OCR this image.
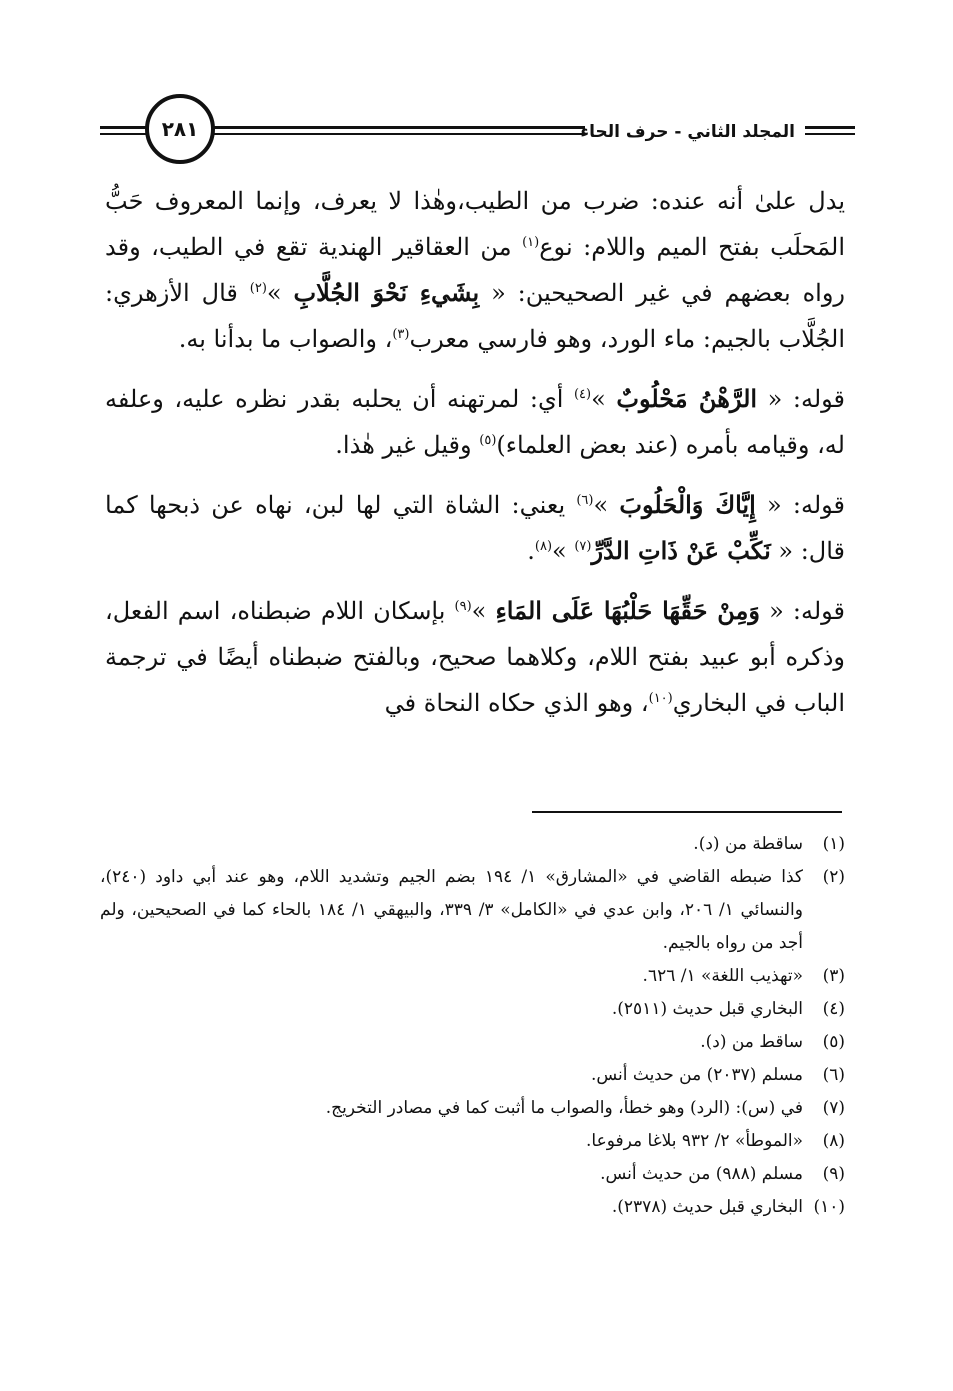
المجلد الثاني - حرف الحاء
٢٨١

يدل علىٰ أنه عنده: ضرب من الطيب،وهٰذا لا يعرف، وإنما المعروف حَبُّ المَحلَب بفتح الميم واللام: نوع$^{(١)}$ من العقاقير الهندية تقع في الطيب، وقد رواه بعضهم في غير الصحيحين: « بِشَيءِ نَحْوَ الجُلَّابِ »$^{(٢)}$ قال الأزهري: الجُلَّاب بالجيم: ماء الورد، وهو فارسي معرب$^{(٣)}$، والصواب ما بدأنا به.

قوله: « الرَّهْنُ مَحْلُوبٌ »$^{(٤)}$ أي: لمرتهنه أن يحلبه بقدر نظره عليه، وعلفه له، وقيامه بأمره (عند بعض العلماء)$^{(٥)}$ وقيل غير هٰذا.

قوله: « إِيَّاكَ وَالْحَلُوبَ »$^{(٦)}$ يعني: الشاة التي لها لبن، نهاه عن ذبحها كما قال: « نَكِّبْ عَنْ ذَاتِ الدَّرِّ$^{(٧)}$ »$^{(٨)}$.

قوله: « وَمِنْ حَقِّهَا حَلْبُهَا عَلَى المَاءِ »$^{(٩)}$ بإسكان اللام ضبطناه، اسم الفعل، وذكره أبو عبيد بفتح اللام، وكلاهما صحيح، وبالفتح ضبطناه أيضًا في ترجمة الباب في البخاري$^{(١٠)}$، وهو الذي حكاه النحاة في

(١)
ساقطة من (د).
(٢)
كذا ضبطه القاضي في «المشارق» ١/ ١٩٤ بضم الجيم وتشديد اللام، وهو عند أبي داود (٢٤٠)، والنسائي ١/ ٢٠٦، وابن عدي في «الكامل» ٣/ ٣٣٩، والبيهقي ١/ ١٨٤ بالحاء كما في الصحيحين، ولم أجد من رواه بالجيم.
(٣)
«تهذيب اللغة» ١/ ٦٢٦.
(٤)
البخاري قبل حديث (٢٥١١).
(٥)
ساقط من (د).
(٦)
مسلم (٢٠٣٧) من حديث أنس.
(٧)
في (س): (الرد) وهو خطأ، والصواب ما أثبت كما في مصادر التخريج.
(٨)
«الموطأ» ٢/ ٩٣٢ بلاغا مرفوعا.
(٩)
مسلم (٩٨٨) من حديث أنس.
(١٠)
البخاري قبل حديث (٢٣٧٨).
